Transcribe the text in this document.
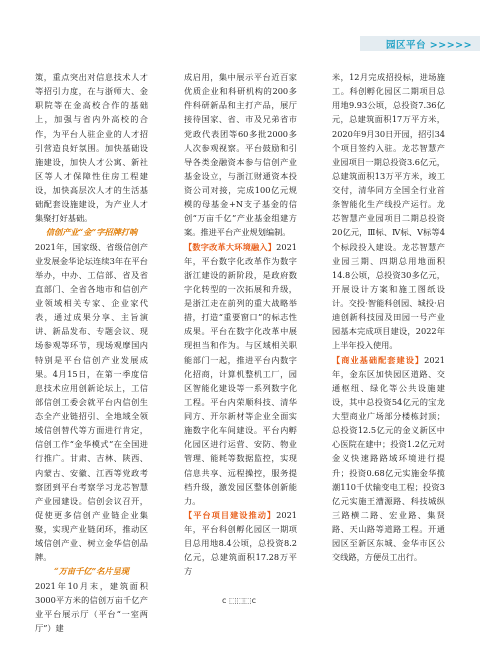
园区平台 >>>>>

策，重点突出对信息技术人才等招引力度，在与浙师大、金职院等在金高校合作的基础上，加强与省内外高校的合作，为平台人驻企业的人才招引营造良好氛围。加快基础设施建设，加快人才公寓、新社区等人才保障性住房工程建设，加快高层次人才的生活基础配套设施建设，为产业人才集聚打好基础。

信创产业“金”字招牌打响

2021年，国家级、省级信创产业发展金华论坛连续3年在平台举办，中办、工信部、省及省直部门、全省各地市和信创产业领域相关专家、企业家代表，通过成果分享、主旨演讲、新品发布、专题会议、现场参观等环节，现场观摩国内特别是平台信创产业发展成果。4月15日，在第一季度信息技术应用创新论坛上，工信部信创工委会就平台内信创生态全产业链招引、全地域全领域信创替代等方面进行肯定，信创工作“金华模式”在全国进行推广。甘肃、吉林、陕西、内蒙古、安徽、江西等党政考察团到平台考察学习龙芯智慧产业园建设。信创会议召开，促使更多信创产业链企业集聚，实现产业链闭环，推动区域信创产业、树立金华信创品牌。

“万亩千亿”名片呈现

2021年10月末，建筑面积3000平方米的信创万亩千亿产业平台展示厅（平台“一室两厅”）建

成启用，集中展示平台近百家优质企业和科研机构的200多件科研新品和主打产品，展厅接待国家、省、市及兄弟省市党政代表团等60多批2000多人次参观视察。平台鼓励和引导各类金融资本参与信创产业基金设立，与浙江财通资本投资公司对接，完成100亿元规模的母基金+N支子基金的信创“万亩千亿”产业基金组建方案。推进平台产业规划编制。

【数字改革大环境融入】2021年，平台数字化改革作为数字浙江建设的新阶段，是政府数字化转型的一次拓展和升级，是浙江走在前列的重大战略举措，打造“重要窗口”的标志性成果。平台在数字化改革中展现担当和作为。与区域相关职能部门一起，推进平台内数字化招商，计算机整机工厂，园区智能化建设等一系列数字化工程。平台内荣顺科技、清华同方、开尔新材等企业全面实施数字化车间建设。平台内孵化园区进行运营、安防、物业管理、能耗等数据监控，实现信息共享、远程操控，服务提档升级，激发园区整体创新能力。

【平台项目建设推动】2021年，平台科创孵化园区一期项目总用地8.4公顷，总投资8.2亿元，总建筑面积17.28万平方

米，12月完成招投标，进场施工。科创孵化园区二期项目总用地9.93公顷，总投资7.36亿元，总建筑面积17万平方米，2020年9月30日开园，招引34个项目签约入驻。龙芯智慧产业园项目一期总投资3.6亿元，总建筑面积13万平方米，竣工交付，清华同方全国全行业首条智能化生产线投产运行。龙芯智慧产业园项目二期总投资20亿元，Ⅲ标、Ⅳ标、Ⅴ标等4个标段投入建设。龙芯智慧产业园三期、四期总用地面积14.8公顷，总投资30多亿元，开展设计方案和施工图纸设计。交投·智能科创园、城投·启迪创新科技园及田园一号产业园基本完成项目建设，2022年上半年投入使用。

【商业基础配套建设】2021年，金东区加快园区道路、交通枢纽、绿化等公共设施建设，其中总投资54亿元的宝龙大型商业广场部分楼栋封顶；总投资12.5亿元的金义新区中心医院在建中；投资1.2亿元对金义快速路路域环境进行提升；投资0.68亿元实施金华揽潮110千伏输变电工程；投资3亿元实施王漕源路、科技城纵三路横二路、宏业路、集贤路、天山路等道路工程。开通园区至新区东城、金华市区公交线路，方便员工出行。

c ⬚⬚⬚c
